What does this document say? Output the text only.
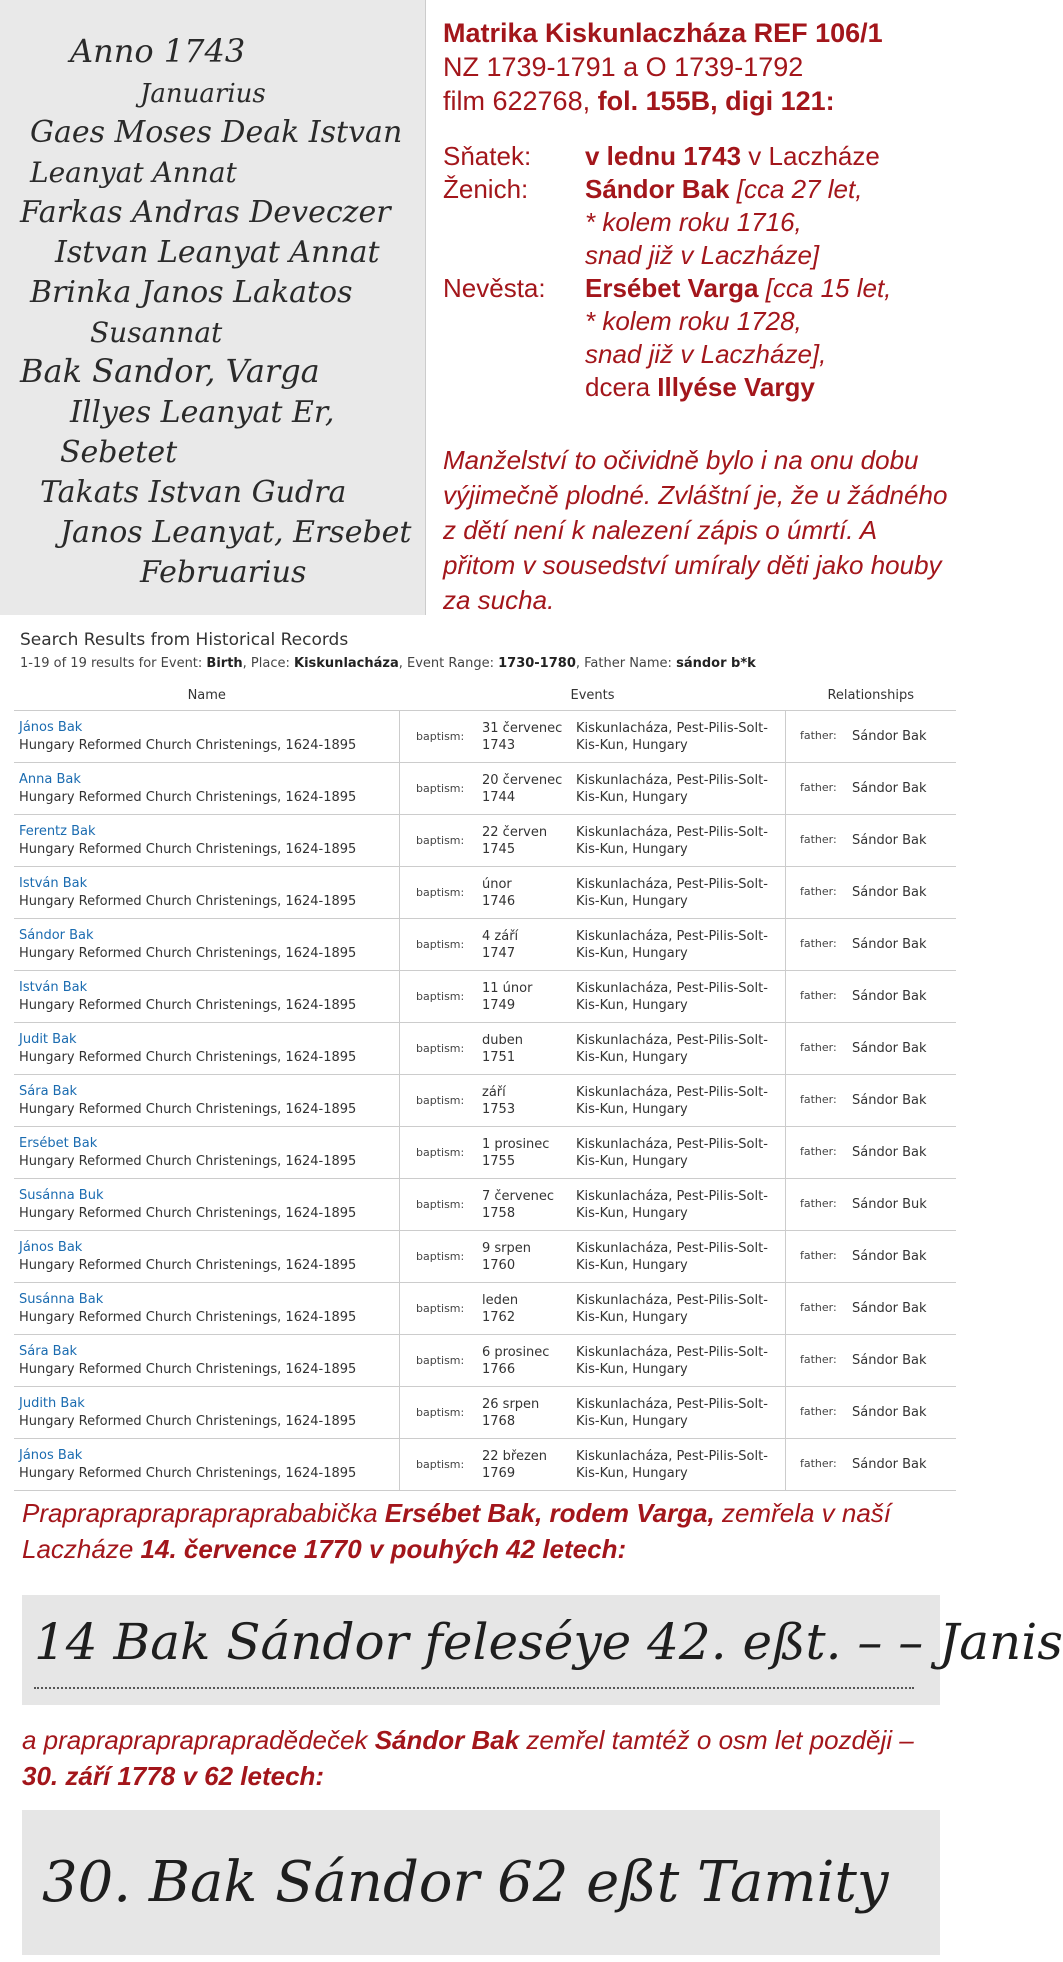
Anno 1743
Januarius
Gaes Moses Deak Istvan
Leanyat Annat
Farkas Andras Deveczer
Istvan Leanyat Annat
Brinka Janos Lakatos
Susannat
Bak Sandor, Varga
Illyes Leanyat Er,
Sebetet
Takats Istvan Gudra
Janos Leanyat, Ersebet
Februarius
Matrika Kiskunlaczháza REF 106/1
NZ 1739-1791 a O 1739-1792
film 622768, fol. 155B, digi 121:
Sňatek:	v lednu 1743 v Laczháze
Ženich:	Sándor Bak [cca 27 let,
* kolem roku 1716,
snad již v Laczháze]
Nevěsta:	Ersébet Varga [cca 15 let,
* kolem roku 1728,
snad již v Laczháze],
dcera Illyése Vargy
Manželství to očividně bylo i na onu dobu výjimečně plodné. Zvláštní je, že u žádného z dětí není k nalezení zápis o úmrtí. A přitom v sousedství umíraly děti jako houby za sucha.
Search Results from Historical Records
1-19 of 19 results for Event: Birth, Place: Kiskunlacháza, Event Range: 1730-1780, Father Name: sándor b*k
Name	Events	Relationships

János Bak
Hungary Reformed Church Christenings, 1624-1895	baptism:
31 červenec
1743
Kiskunlacháza, Pest-Pilis-Solt-Kis-Kun, Hungary	father: Sándor Bak

Anna Bak
Hungary Reformed Church Christenings, 1624-1895	baptism:
20 červenec
1744
Kiskunlacháza, Pest-Pilis-Solt-Kis-Kun, Hungary	father: Sándor Bak

Ferentz Bak
Hungary Reformed Church Christenings, 1624-1895	baptism:
22 červen
1745
Kiskunlacháza, Pest-Pilis-Solt-Kis-Kun, Hungary	father: Sándor Bak

István Bak
Hungary Reformed Church Christenings, 1624-1895	baptism:
únor
1746
Kiskunlacháza, Pest-Pilis-Solt-Kis-Kun, Hungary	father: Sándor Bak

Sándor Bak
Hungary Reformed Church Christenings, 1624-1895	baptism:
4 září
1747
Kiskunlacháza, Pest-Pilis-Solt-Kis-Kun, Hungary	father: Sándor Bak

István Bak
Hungary Reformed Church Christenings, 1624-1895	baptism:
11 únor
1749
Kiskunlacháza, Pest-Pilis-Solt-Kis-Kun, Hungary	father: Sándor Bak

Judit Bak
Hungary Reformed Church Christenings, 1624-1895	baptism:
duben
1751
Kiskunlacháza, Pest-Pilis-Solt-Kis-Kun, Hungary	father: Sándor Bak

Sára Bak
Hungary Reformed Church Christenings, 1624-1895	baptism:
září
1753
Kiskunlacháza, Pest-Pilis-Solt-Kis-Kun, Hungary	father: Sándor Bak

Ersébet Bak
Hungary Reformed Church Christenings, 1624-1895	baptism:
1 prosinec
1755
Kiskunlacháza, Pest-Pilis-Solt-Kis-Kun, Hungary	father: Sándor Bak

Susánna Buk
Hungary Reformed Church Christenings, 1624-1895	baptism:
7 červenec
1758
Kiskunlacháza, Pest-Pilis-Solt-Kis-Kun, Hungary	father: Sándor Buk

János Bak
Hungary Reformed Church Christenings, 1624-1895	baptism:
9 srpen
1760
Kiskunlacháza, Pest-Pilis-Solt-Kis-Kun, Hungary	father: Sándor Bak

Susánna Bak
Hungary Reformed Church Christenings, 1624-1895	baptism:
leden
1762
Kiskunlacháza, Pest-Pilis-Solt-Kis-Kun, Hungary	father: Sándor Bak

Sára Bak
Hungary Reformed Church Christenings, 1624-1895	baptism:
6 prosinec
1766
Kiskunlacháza, Pest-Pilis-Solt-Kis-Kun, Hungary	father: Sándor Bak

Judith Bak
Hungary Reformed Church Christenings, 1624-1895	baptism:
26 srpen
1768
Kiskunlacháza, Pest-Pilis-Solt-Kis-Kun, Hungary	father: Sándor Bak

János Bak
Hungary Reformed Church Christenings, 1624-1895	baptism:
22 březen
1769
Kiskunlacháza, Pest-Pilis-Solt-Kis-Kun, Hungary	father: Sándor Bak
Prapraprapraprapraprababička Ersébet Bak, rodem Varga, zemřela v naší Laczháze 14. července 1770 v pouhých 42 letech:
14 Bak Sándor feleséye 42. eßt. – – Janis
a prapraprapraprapradědeček Sándor Bak zemřel tamtéž o osm let později – 30. září 1778 v 62 letech:
30. Bak Sándor 62 eßt Tamity
